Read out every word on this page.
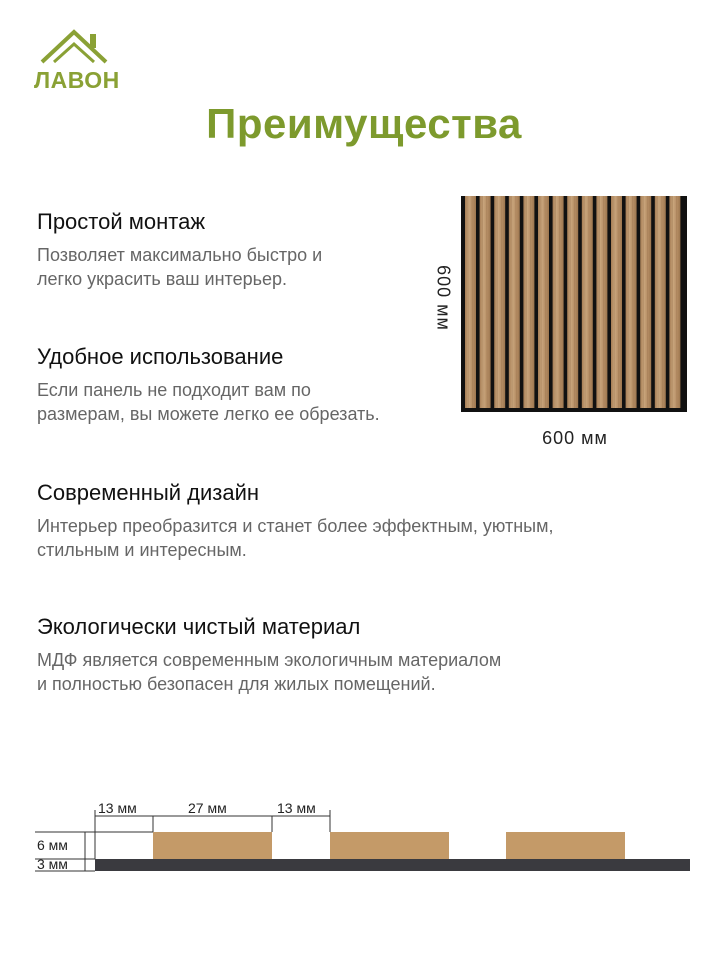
ЛАВОН
Преимущества
Простой монтаж
Позволяет максимально быстро и
легко украсить ваш интерьер.
Удобное использование
Если панель не подходит вам по
размерам, вы можете легко ее обрезать.
Современный дизайн
Интерьер преобразится и станет более эффектным, уютным,
стильным и интересным.
Экологически чистый материал
МДФ является современным экологичным материалом
и полностью безопасен для жилых помещений.
600 мм
600 мм
13 мм	27 мм	13 мм
6 мм
3 мм
